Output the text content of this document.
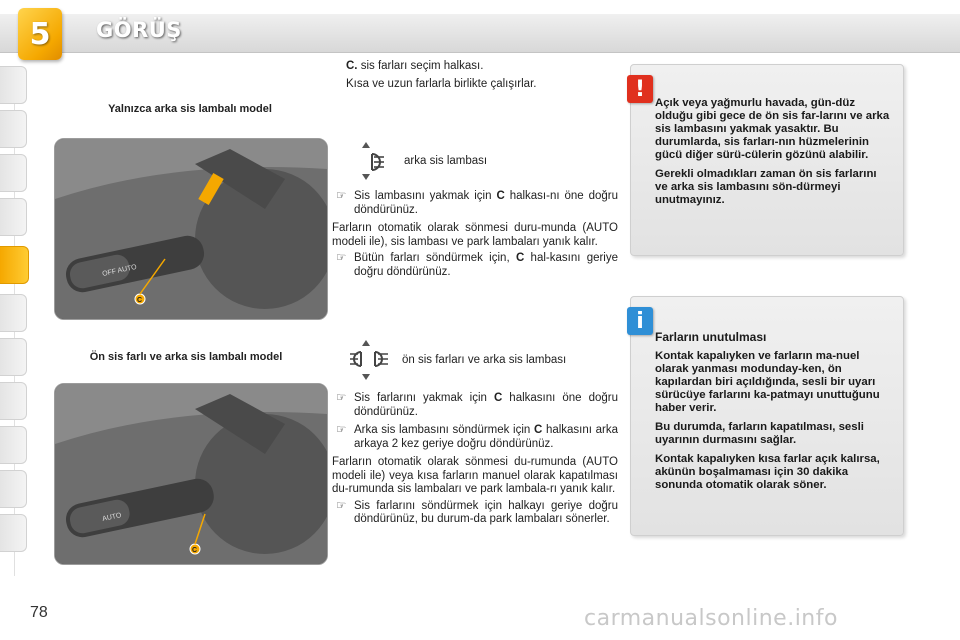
5 GÖRÜŞ
Yalnızca arka sis lambalı model
Ön sis farlı ve arka sis lambalı model
OFF AUTO
C
AUTO
C

C. sis farları seçim halkası.

Kısa ve uzun farlarla birlikte çalışırlar.

arka sis lambası

☞ Sis lambasını yakmak için C halkası-nı öne doğru döndürünüz.

Farların otomatik olarak sönmesi duru-munda (AUTO modeli ile), sis lambası ve park lambaları yanık kalır.

☞ Bütün farları söndürmek için, C hal-kasını geriye doğru döndürünüz.

ön sis farları ve arka sis lambası

☞ Sis farlarını yakmak için C halkasını öne doğru döndürünüz.

☞ Arka sis lambasını söndürmek için C halkasını arka arkaya 2 kez geriye doğru döndürünüz.

Farların otomatik olarak sönmesi du-rumunda (AUTO modeli ile) veya kısa farların manuel olarak kapatılması du-rumunda sis lambaları ve park lambala-rı yanık kalır.

☞ Sis farlarını söndürmek için halkayı geriye doğru döndürünüz, bu durum-da park lambaları sönerler.

!

Açık veya yağmurlu havada, gün-düz olduğu gibi gece de ön sis far-larını ve arka sis lambasını yakmak yasaktır. Bu durumlarda, sis farları-nın hüzmelerinin gücü diğer sürü-cülerin gözünü alabilir.

Gerekli olmadıkları zaman ön sis farlarını ve arka sis lambasını sön-dürmeyi unutmayınız.

i

Farların unutulması

Kontak kapalıyken ve farların ma-nuel olarak yanması modunday-ken, ön kapılardan biri açıldığında, sesli bir uyarı sürücüye farlarını ka-patmayı unuttuğunu haber verir.

Bu durumda, farların kapatılması, sesli uyarının durmasını sağlar.

Kontak kapalıyken kısa farlar açık kalırsa, akünün boşalmaması için 30 dakika sonunda otomatik olarak söner.

78	carmanualsonline.info
